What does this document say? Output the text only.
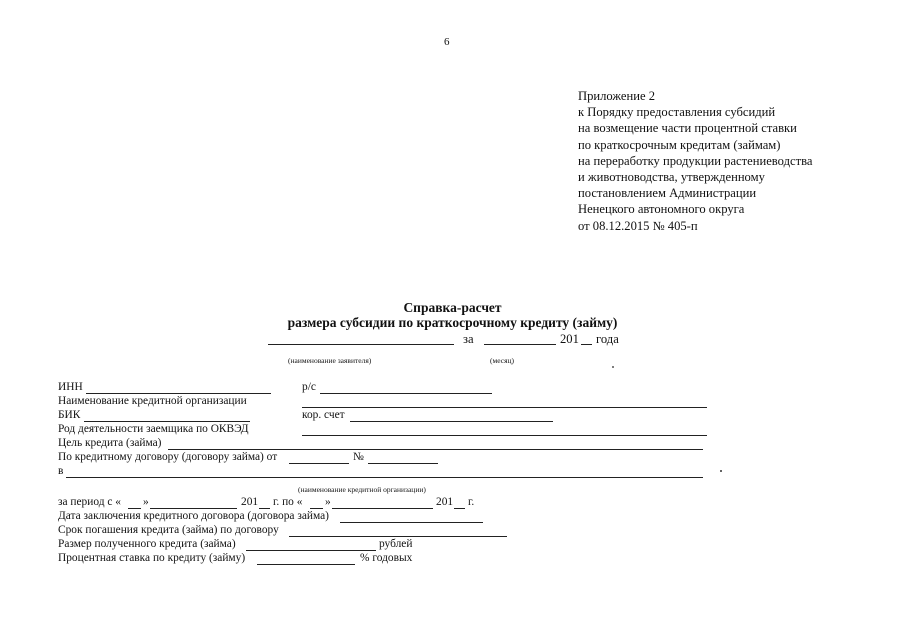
6
Приложение 2
к Порядку предоставления субсидий
на возмещение части процентной ставки
по краткосрочным кредитам (займам)
на переработку продукции растениеводства
и животноводства, утвержденному
постановлением Администрации
Ненецкого автономного округа
от 08.12.2015 № 405-п
Справка-расчет
размера субсидии по краткосрочному кредиту (займу)
за	201 года
(наименование заявителя)	(месяц)
ИНН	р/с
Наименование кредитной организации
БИК	кор. счет
Род деятельности заемщика по ОКВЭД
Цель кредита (займа)
По кредитному договору (договору займа) от	№
в
(наименование кредитной организации)
за период с « »	201 г. по « »	201 г.
Дата заключения кредитного договора (договора займа)
Срок погашения кредита (займа) по договору
Размер полученного кредита (займа)	рублей
Процентная ставка по кредиту (займу)	% годовых
